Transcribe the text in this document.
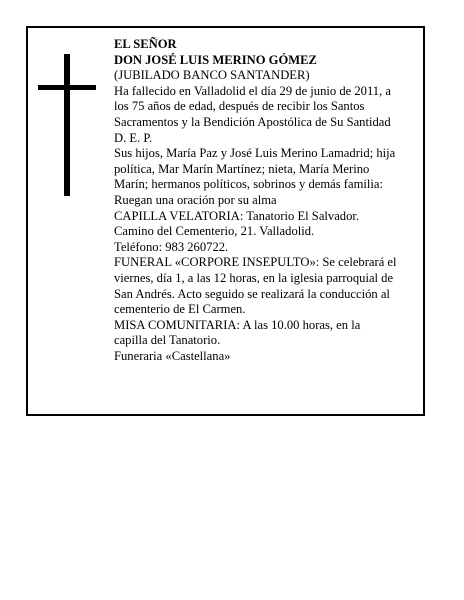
EL SEÑOR
DON JOSÉ LUIS MERINO GÓMEZ
(JUBILADO BANCO SANTANDER)
Ha fallecido en Valladolid el día 29 de junio de 2011, a
los 75 años de edad, después de recibir los Santos
Sacramentos y la Bendición Apostólica de Su Santidad
D. E. P.
Sus hijos, María Paz y José Luis Merino Lamadrid; hija
política, Mar Marín Martínez; nieta, María Merino
Marín; hermanos políticos, sobrinos y demás familia:
Ruegan una oración por su alma
CAPILLA VELATORIA: Tanatorio El Salvador.
Camino del Cementerio, 21. Valladolid.
Teléfono: 983 260722.
FUNERAL «CORPORE INSEPULTO»: Se celebrará el
viernes, día 1, a las 12 horas, en la iglesia parroquial de
San Andrés. Acto seguido se realizará la conducción al
cementerio de El Carmen.
MISA COMUNITARIA: A las 10.00 horas, en la
capilla del Tanatorio.
Funeraria «Castellana»
